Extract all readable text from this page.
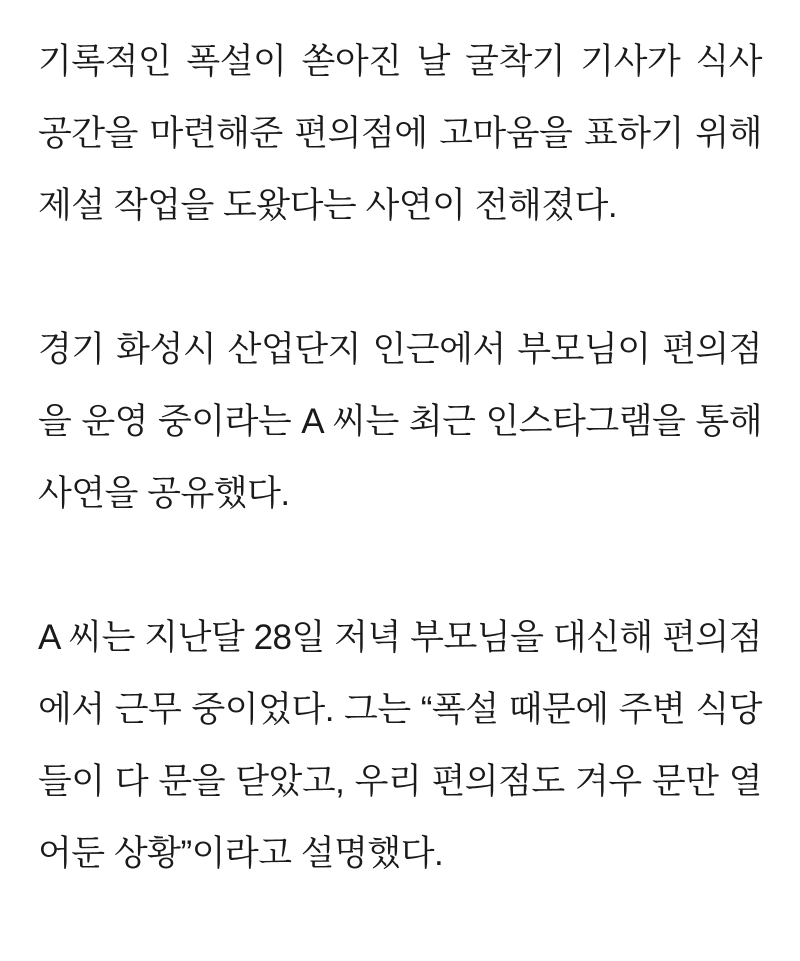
기록적인 폭설이 쏟아진 날 굴착기 기사가 식사 공간을 마련해준 편의점에 고마움을 표하기 위해 제설 작업을 도왔다는 사연이 전해졌다.

경기 화성시 산업단지 인근에서 부모님이 편의점을 운영 중이라는 A 씨는 최근 인스타그램을 통해 사연을 공유했다.

A 씨는 지난달 28일 저녁 부모님을 대신해 편의점에서 근무 중이었다. 그는 “폭설 때문에 주변 식당들이 다 문을 닫았고, 우리 편의점도 겨우 문만 열어둔 상황”이라고 설명했다.
